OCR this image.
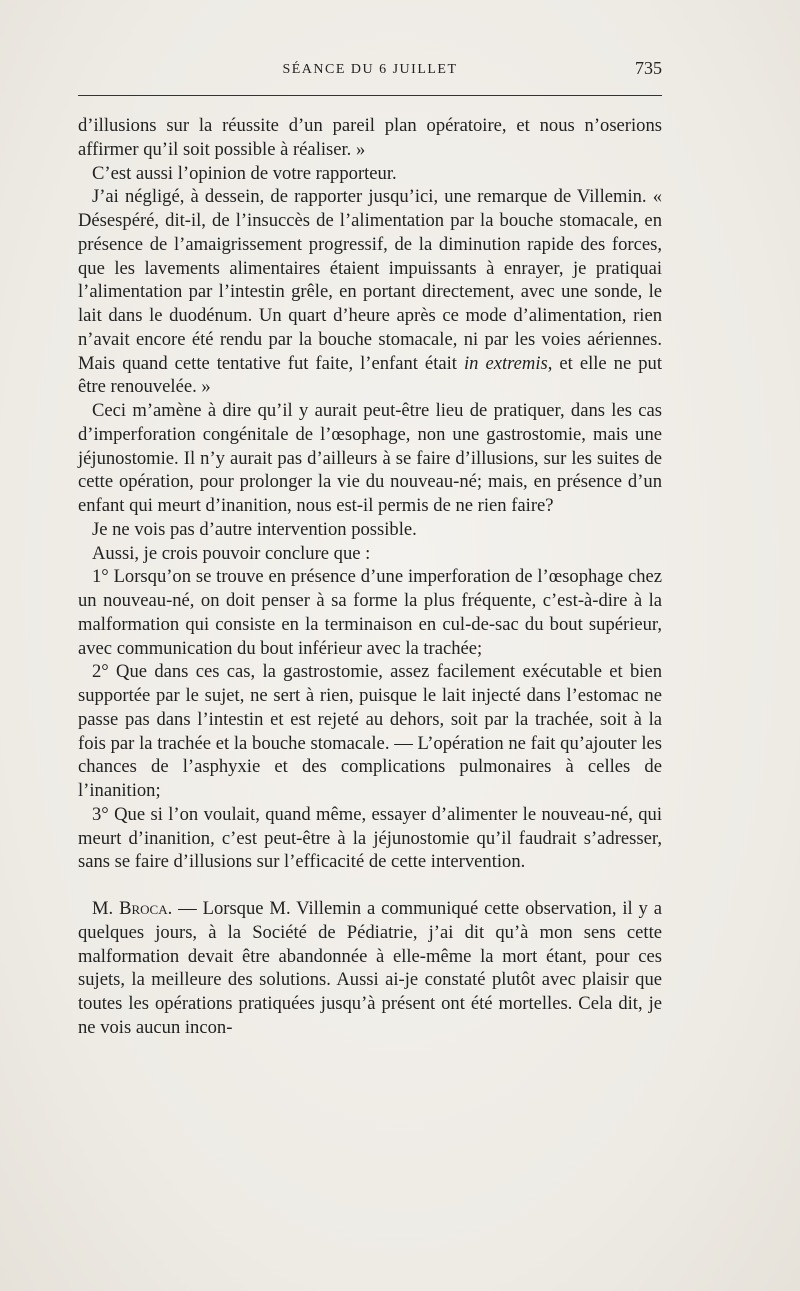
SÉANCE DU 6 JUILLET	735

d’illusions sur la réussite d’un pareil plan opératoire, et nous n’oserions affirmer qu’il soit possible à réaliser. »

C’est aussi l’opinion de votre rapporteur.

J’ai négligé, à dessein, de rapporter jusqu’ici, une remarque de Villemin. « Désespéré, dit-il, de l’insuccès de l’alimentation par la bouche stomacale, en présence de l’amaigrissement progressif, de la diminution rapide des forces, que les lavements alimentaires étaient impuissants à enrayer, je pratiquai l’alimentation par l’intestin grêle, en portant directement, avec une sonde, le lait dans le duodénum. Un quart d’heure après ce mode d’alimentation, rien n’avait encore été rendu par la bouche stomacale, ni par les voies aériennes. Mais quand cette tentative fut faite, l’enfant était in extremis, et elle ne put être renouvelée. »

Ceci m’amène à dire qu’il y aurait peut-être lieu de pratiquer, dans les cas d’imperforation congénitale de l’œsophage, non une gastrostomie, mais une jéjunostomie. Il n’y aurait pas d’ailleurs à se faire d’illusions, sur les suites de cette opération, pour prolonger la vie du nouveau-né; mais, en présence d’un enfant qui meurt d’inanition, nous est-il permis de ne rien faire?

Je ne vois pas d’autre intervention possible.

Aussi, je crois pouvoir conclure que :

1° Lorsqu’on se trouve en présence d’une imperforation de l’œsophage chez un nouveau-né, on doit penser à sa forme la plus fréquente, c’est-à-dire à la malformation qui consiste en la terminaison en cul-de-sac du bout supérieur, avec communication du bout inférieur avec la trachée;

2° Que dans ces cas, la gastrostomie, assez facilement exécutable et bien supportée par le sujet, ne sert à rien, puisque le lait injecté dans l’estomac ne passe pas dans l’intestin et est rejeté au dehors, soit par la trachée, soit à la fois par la trachée et la bouche stomacale. — L’opération ne fait qu’ajouter les chances de l’asphyxie et des complications pulmonaires à celles de l’inanition;

3° Que si l’on voulait, quand même, essayer d’alimenter le nouveau-né, qui meurt d’inanition, c’est peut-être à la jéjunostomie qu’il faudrait s’adresser, sans se faire d’illusions sur l’efficacité de cette intervention.

M. Broca. — Lorsque M. Villemin a communiqué cette observation, il y a quelques jours, à la Société de Pédiatrie, j’ai dit qu’à mon sens cette malformation devait être abandonnée à elle-même la mort étant, pour ces sujets, la meilleure des solutions. Aussi ai-je constaté plutôt avec plaisir que toutes les opérations pratiquées jusqu’à présent ont été mortelles. Cela dit, je ne vois aucun incon-
